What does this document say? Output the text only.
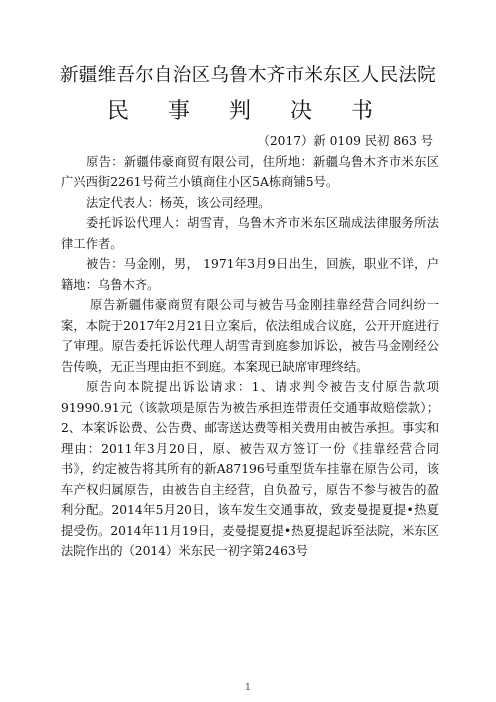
新疆维吾尔自治区乌鲁木齐市米东区人民法院
民 事 判 决 书

（2017）新 0109 民初 863 号

原告：新疆伟豪商贸有限公司，住所地：新疆乌鲁木齐市米东区广兴西街2261号荷兰小镇商住小区5A栋商铺5号。

法定代表人：杨英，该公司经理。

委托诉讼代理人：胡雪青，乌鲁木齐市米东区瑞成法律服务所法律工作者。

被告：马金刚，男， 1971年3月9日出生，回族，职业不详，户籍地：乌鲁木齐。

原告新疆伟豪商贸有限公司与被告马金刚挂靠经营合同纠纷一案，本院于2017年2月21日立案后，依法组成合议庭，公开开庭进行了审理。原告委托诉讼代理人胡雪青到庭参加诉讼，被告马金刚经公告传唤，无正当理由拒不到庭。本案现已缺席审理终结。

原告向本院提出诉讼请求：1、请求判令被告支付原告款项91990.91元（该款项是原告为被告承担连带责任交通事故赔偿款）；2、本案诉讼费、公告费、邮寄送达费等相关费用由被告承担。事实和理由：2011年3月20日，原、被告双方签订一份《挂靠经营合同书》，约定被告将其所有的新A87196号重型货车挂靠在原告公司，该车产权归属原告，由被告自主经营，自负盈亏，原告不参与被告的盈利分配。2014年5月20日，该车发生交通事故，致麦曼提夏提•热夏提受伤。2014年11月19日，麦曼提夏提•热夏提起诉至法院，米东区法院作出的（2014）米东民一初字第2463号

1
